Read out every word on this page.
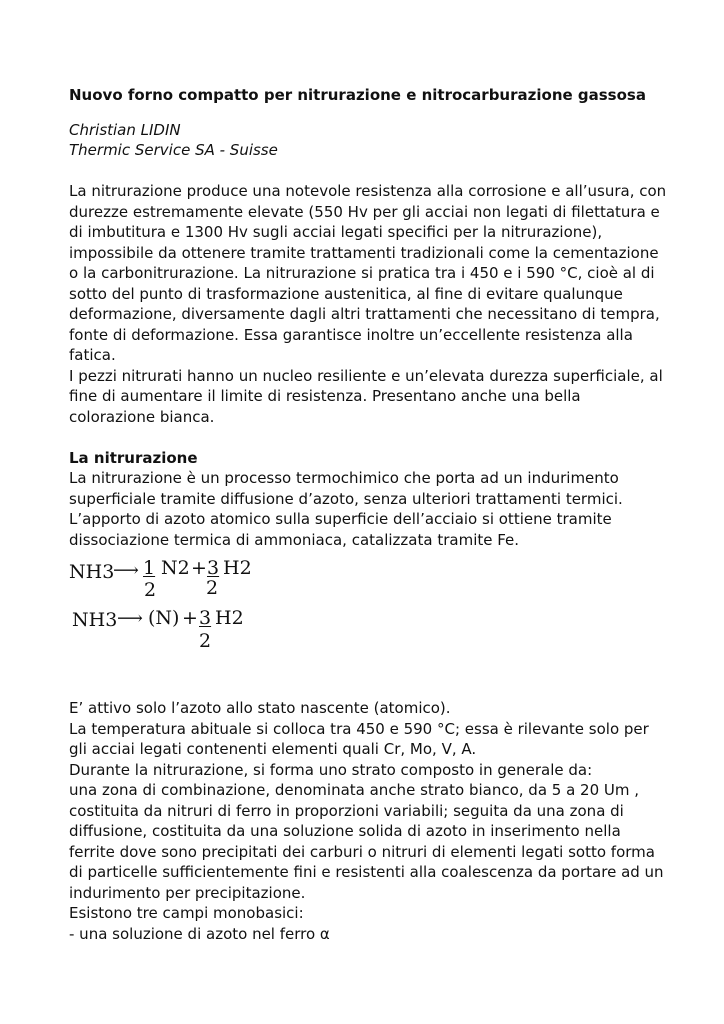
Nuovo forno compatto per nitrurazione e nitrocarburazione gassosa
Christian LIDIN
Thermic Service SA - Suisse
La nitrurazione produce una notevole resistenza alla corrosione e all’usura, con
durezze estremamente elevate (550 Hv per gli acciai non legati di filettatura e
di imbutitura e 1300 Hv sugli acciai legati specifici per la nitrurazione),
impossibile da ottenere tramite trattamenti tradizionali come la cementazione
o la carbonitrurazione. La nitrurazione si pratica tra i 450 e i 590 °C, cioè al di
sotto del punto di trasformazione austenitica, al fine di evitare qualunque
deformazione, diversamente dagli altri trattamenti che necessitano di tempra,
fonte di deformazione. Essa garantisce inoltre un’eccellente resistenza alla
fatica.
I pezzi nitrurati hanno un nucleo resiliente e un’elevata durezza superficiale, al
fine di aumentare il limite di resistenza. Presentano anche una bella
colorazione bianca.
La nitrurazione
La nitrurazione è un processo termochimico che porta ad un indurimento
superficiale tramite diffusione d’azoto, senza ulteriori trattamenti termici.
L’apporto di azoto atomico sulla superficie dell’acciaio si ottiene tramite
dissociazione termica di ammoniaca, catalizzata tramite Fe.
NH3
⟶ 1
2
N2 + 3
2
H2
NH3 ⟶ (N) + 3
2
H2
E’ attivo solo l’azoto allo stato nascente (atomico).
La temperatura abituale si colloca tra 450 e 590 °C; essa è rilevante solo per
gli acciai legati contenenti elementi quali Cr, Mo, V, A.
Durante la nitrurazione, si forma uno strato composto in generale da:
una zona di combinazione, denominata anche strato bianco, da 5 a 20 Um ,
costituita da nitruri di ferro in proporzioni variabili; seguita da una zona di
diffusione, costituita da una soluzione solida di azoto in inserimento nella
ferrite dove sono precipitati dei carburi o nitruri di elementi legati sotto forma
di particelle sufficientemente fini e resistenti alla coalescenza da portare ad un
indurimento per precipitazione.
Esistono tre campi monobasici:
- una soluzione di azoto nel ferro α
